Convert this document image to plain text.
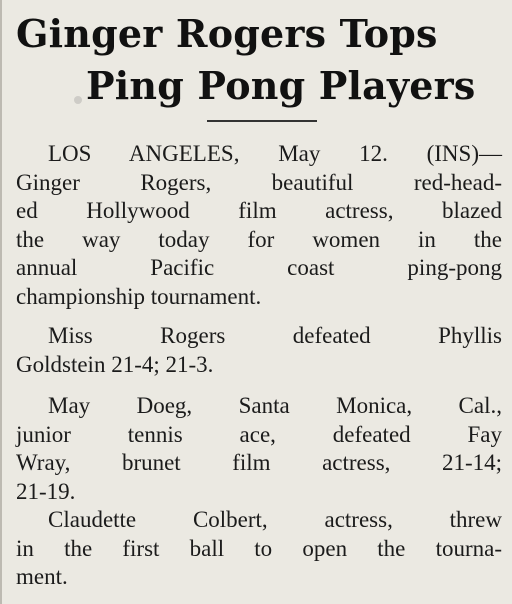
Ginger Rogers Tops
Ping Pong Players
LOS ANGELES, May 12. (INS)—
Ginger Rogers, beautiful red-head-
ed Hollywood film actress, blazed
the way today for women in the
annual Pacific coast ping-pong
championship tournament.
Miss Rogers defeated Phyllis
Goldstein 21-4; 21-3.
May Doeg, Santa Monica, Cal.,
junior tennis ace, defeated Fay
Wray, brunet film actress, 21-14;
21-19.
Claudette Colbert, actress, threw
in the first ball to open the tourna-
ment.
